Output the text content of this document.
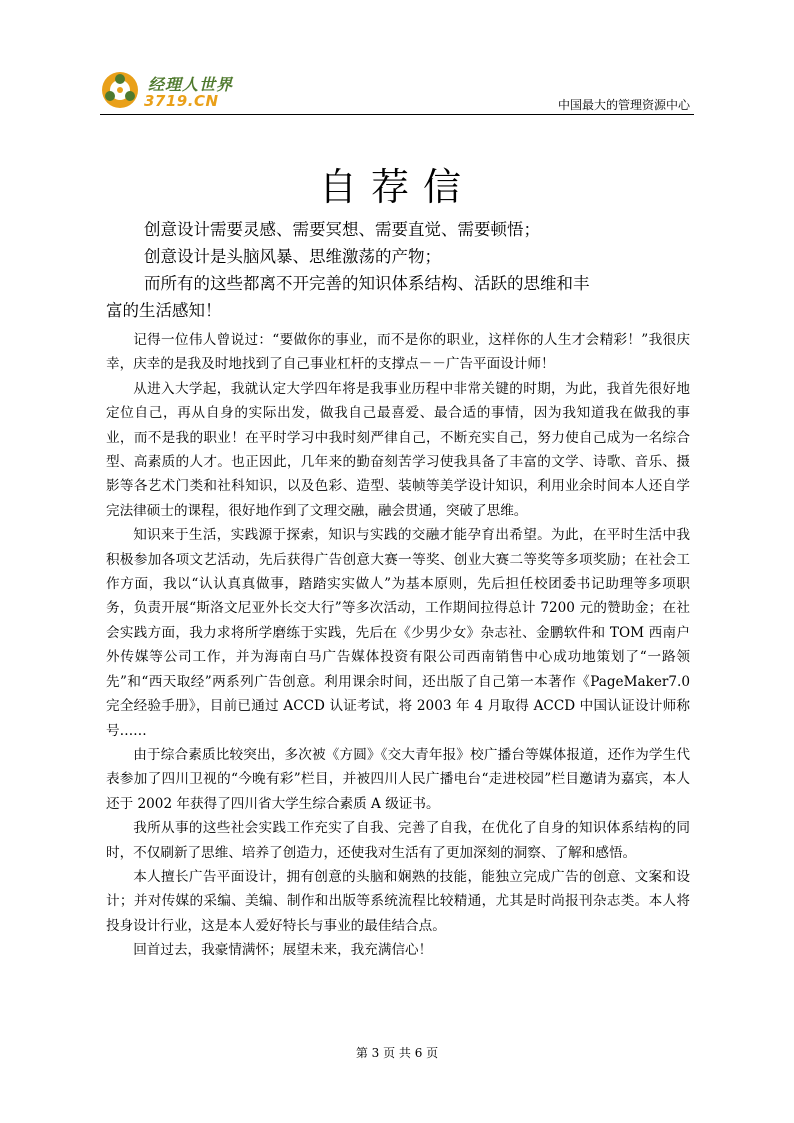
经理人世界
3719.CN	中国最大的管理资源中心
自荐信

创意设计需要灵感、需要冥想、需要直觉、需要顿悟；

创意设计是头脑风暴、思维激荡的产物；

而所有的这些都离不开完善的知识体系结构、活跃的思维和丰

富的生活感知！

记得一位伟人曾说过：“要做你的事业，而不是你的职业，这样你的人生才会精彩！”我很庆幸，庆幸的是我及时地找到了自己事业杠杆的支撑点－－广告平面设计师！

从进入大学起，我就认定大学四年将是我事业历程中非常关键的时期，为此，我首先很好地定位自己，再从自身的实际出发，做我自己最喜爱、最合适的事情，因为我知道我在做我的事业，而不是我的职业！在平时学习中我时刻严律自己，不断充实自己，努力使自己成为一名综合型、高素质的人才。也正因此，几年来的勤奋刻苦学习使我具备了丰富的文学、诗歌、音乐、摄影等各艺术门类和社科知识，以及色彩、造型、装帧等美学设计知识，利用业余时间本人还自学完法律硕士的课程，很好地作到了文理交融，融会贯通，突破了思维。

知识来于生活，实践源于探索，知识与实践的交融才能孕育出希望。为此，在平时生活中我积极参加各项文艺活动，先后获得广告创意大赛一等奖、创业大赛二等奖等多项奖励；在社会工作方面，我以“认认真真做事，踏踏实实做人”为基本原则，先后担任校团委书记助理等多项职务，负责开展“斯洛文尼亚外长交大行”等多次活动，工作期间拉得总计 7200 元的赞助金；在社会实践方面，我力求将所学磨练于实践，先后在《少男少女》杂志社、金鹏软件和 TOM 西南户外传媒等公司工作，并为海南白马广告媒体投资有限公司西南销售中心成功地策划了“一路领先”和“西天取经”两系列广告创意。利用课余时间，还出版了自己第一本著作《PageMaker7.0 完全经验手册》，目前已通过 ACCD 认证考试，将 2003 年 4 月取得 ACCD 中国认证设计师称号……

由于综合素质比较突出，多次被《方圆》《交大青年报》校广播台等媒体报道，还作为学生代表参加了四川卫视的“今晚有彩”栏目，并被四川人民广播电台“走进校园”栏目邀请为嘉宾，本人还于 2002 年获得了四川省大学生综合素质 A 级证书。

我所从事的这些社会实践工作充实了自我、完善了自我，在优化了自身的知识体系结构的同时，不仅刷新了思维、培养了创造力，还使我对生活有了更加深刻的洞察、了解和感悟。

本人擅长广告平面设计，拥有创意的头脑和娴熟的技能，能独立完成广告的创意、文案和设计；并对传媒的采编、美编、制作和出版等系统流程比较精通，尤其是时尚报刊杂志类。本人将投身设计行业，这是本人爱好特长与事业的最佳结合点。

回首过去，我豪情满怀；展望未来，我充满信心！

第 3 页 共 6 页
